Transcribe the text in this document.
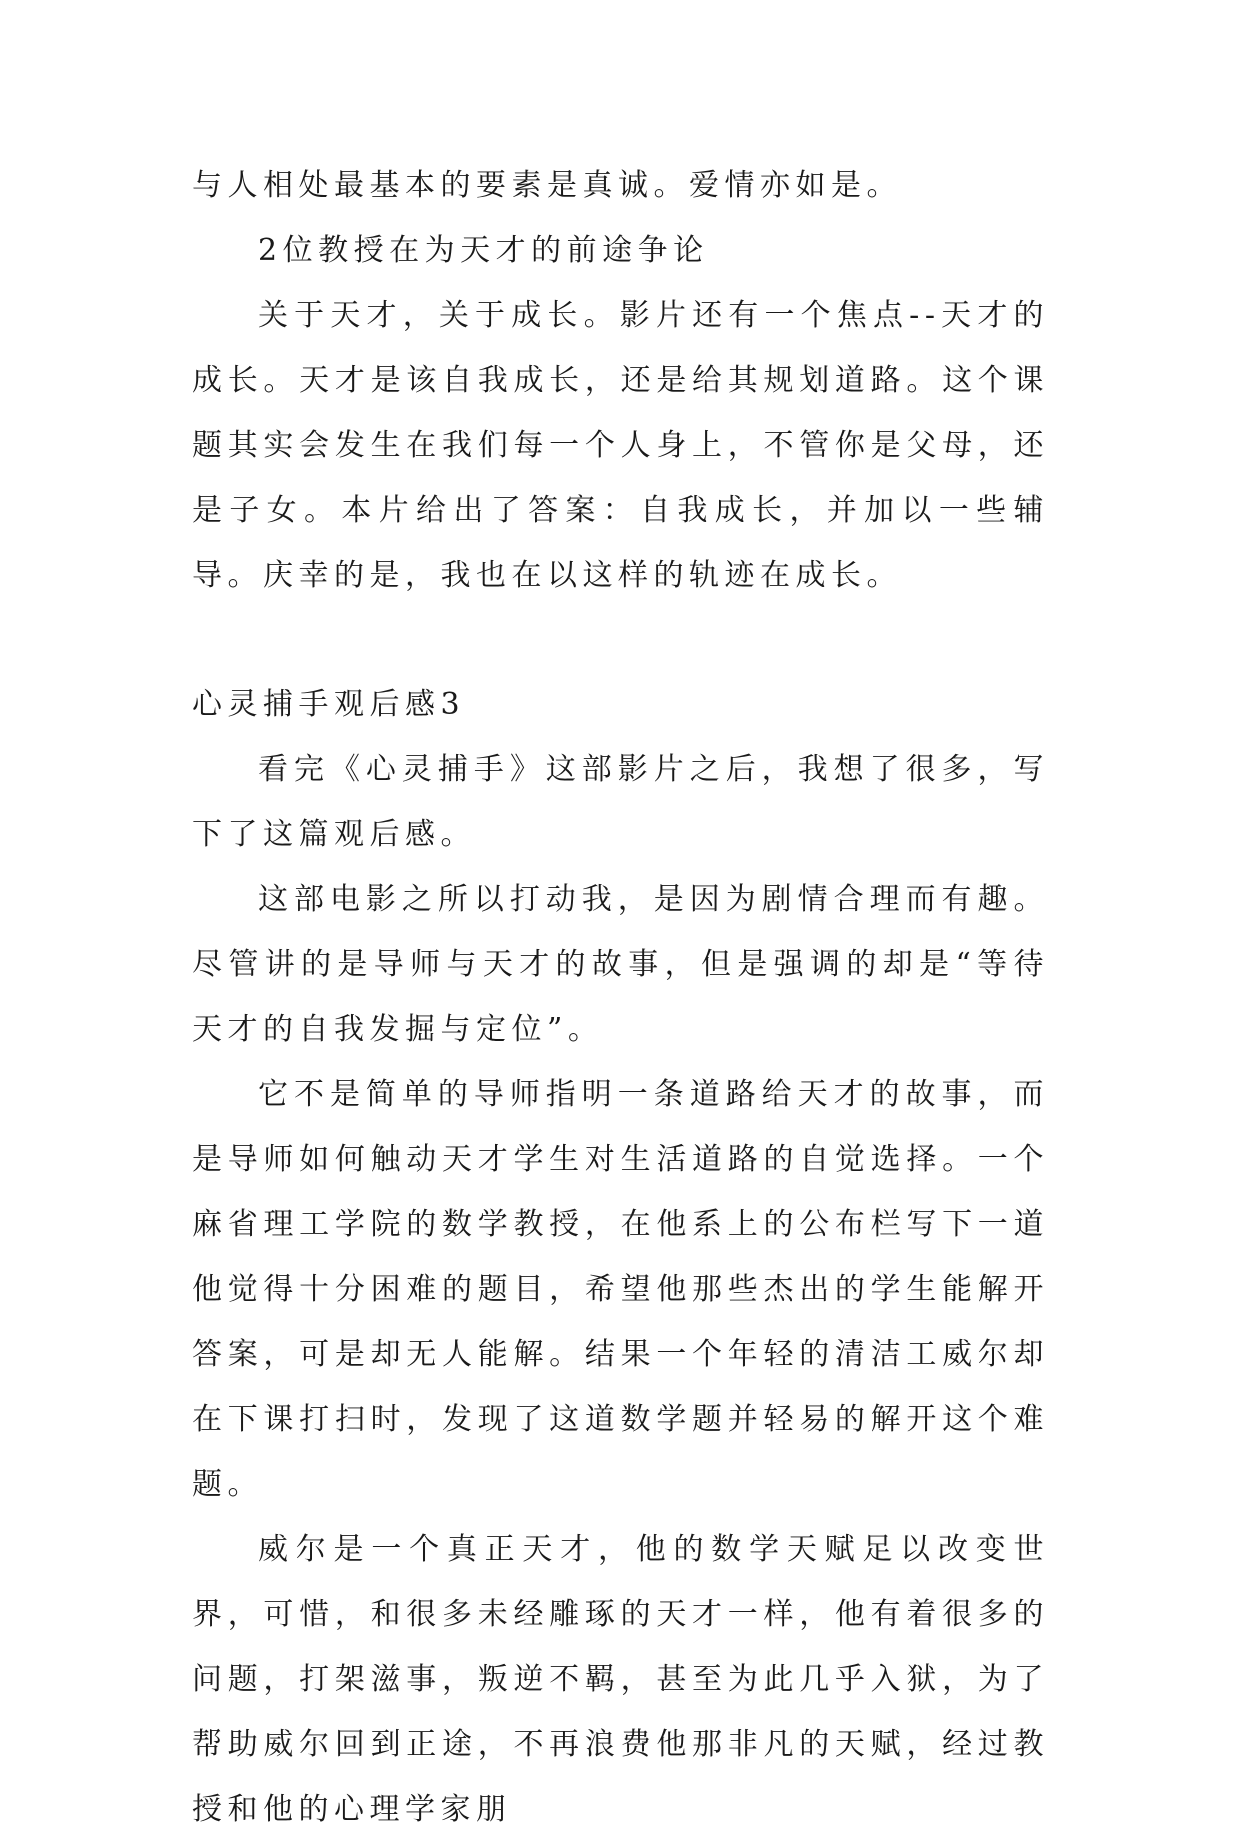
与人相处最基本的要素是真诚。爱情亦如是。

2位教授在为天才的前途争论

关于天才，关于成长。影片还有一个焦点--天才的成长。天才是该自我成长，还是给其规划道路。这个课题其实会发生在我们每一个人身上，不管你是父母，还是子女。本片给出了答案：自我成长，并加以一些辅导。庆幸的是，我也在以这样的轨迹在成长。

心灵捕手观后感3

看完《心灵捕手》这部影片之后，我想了很多，写下了这篇观后感。

这部电影之所以打动我，是因为剧情合理而有趣。尽管讲的是导师与天才的故事，但是强调的却是“等待天才的自我发掘与定位”。

它不是简单的导师指明一条道路给天才的故事，而是导师如何触动天才学生对生活道路的自觉选择。一个麻省理工学院的数学教授，在他系上的公布栏写下一道他觉得十分困难的题目，希望他那些杰出的学生能解开答案，可是却无人能解。结果一个年轻的清洁工威尔却在下课打扫时，发现了这道数学题并轻易的解开这个难题。

威尔是一个真正天才，他的数学天赋足以改变世界，可惜，和很多未经雕琢的天才一样，他有着很多的问题，打架滋事，叛逆不羁，甚至为此几乎入狱，为了帮助威尔回到正途，不再浪费他那非凡的天赋，经过教授和他的心理学家朋
